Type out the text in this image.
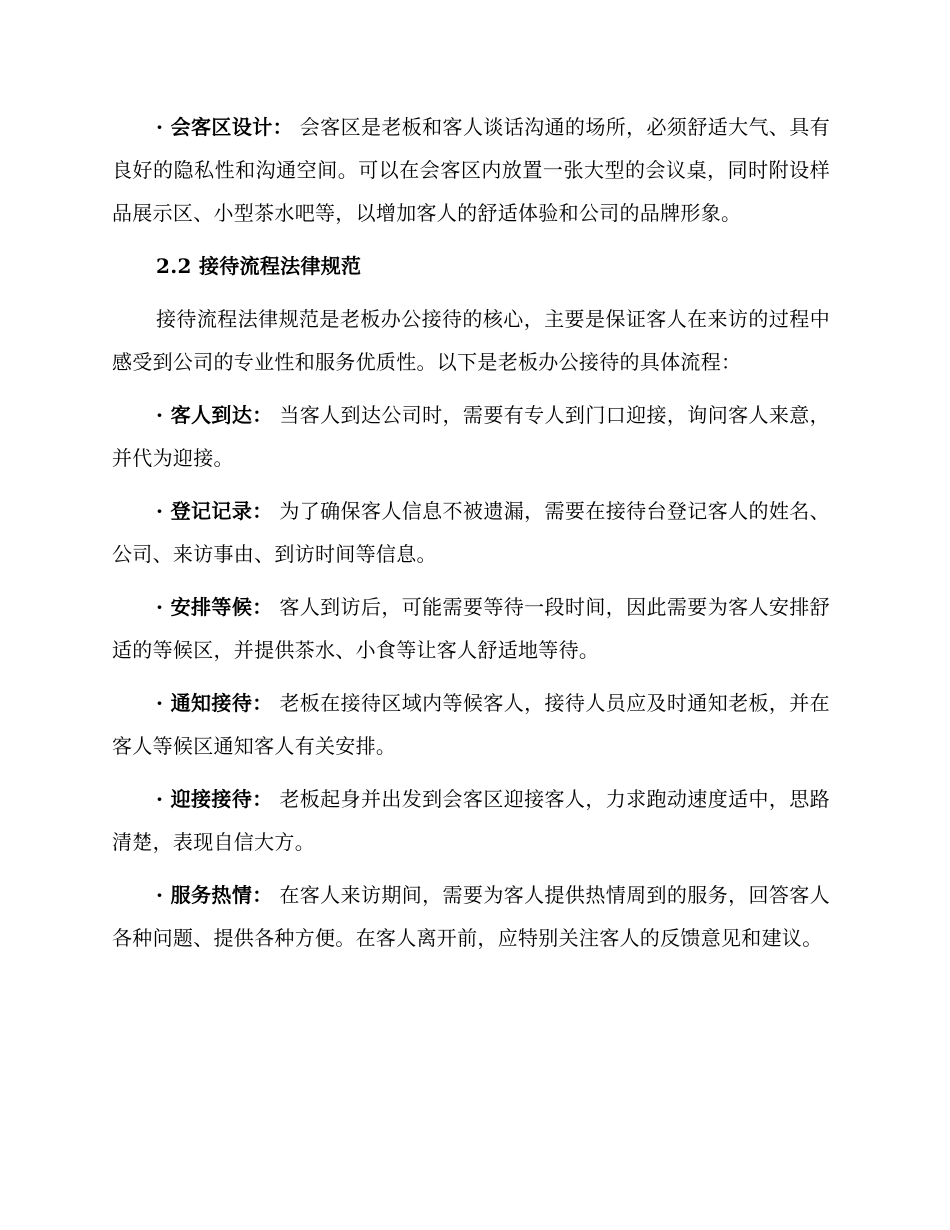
· 会客区设计： 会客区是老板和客人谈话沟通的场所，必须舒适大气、具有良好的隐私性和沟通空间。可以在会客区内放置一张大型的会议桌，同时附设样品展示区、小型茶水吧等，以增加客人的舒适体验和公司的品牌形象。

2.2 接待流程法律规范

接待流程法律规范是老板办公接待的核心，主要是保证客人在来访的过程中感受到公司的专业性和服务优质性。以下是老板办公接待的具体流程：

· 客人到达： 当客人到达公司时，需要有专人到门口迎接，询问客人来意，并代为迎接。

· 登记记录： 为了确保客人信息不被遗漏，需要在接待台登记客人的姓名、公司、来访事由、到访时间等信息。

· 安排等候： 客人到访后，可能需要等待一段时间，因此需要为客人安排舒适的等候区，并提供茶水、小食等让客人舒适地等待。

· 通知接待： 老板在接待区域内等候客人，接待人员应及时通知老板，并在客人等候区通知客人有关安排。

· 迎接接待： 老板起身并出发到会客区迎接客人，力求跑动速度适中，思路清楚，表现自信大方。

· 服务热情： 在客人来访期间，需要为客人提供热情周到的服务，回答客人各种问题、提供各种方便。在客人离开前，应特别关注客人的反馈意见和建议。
